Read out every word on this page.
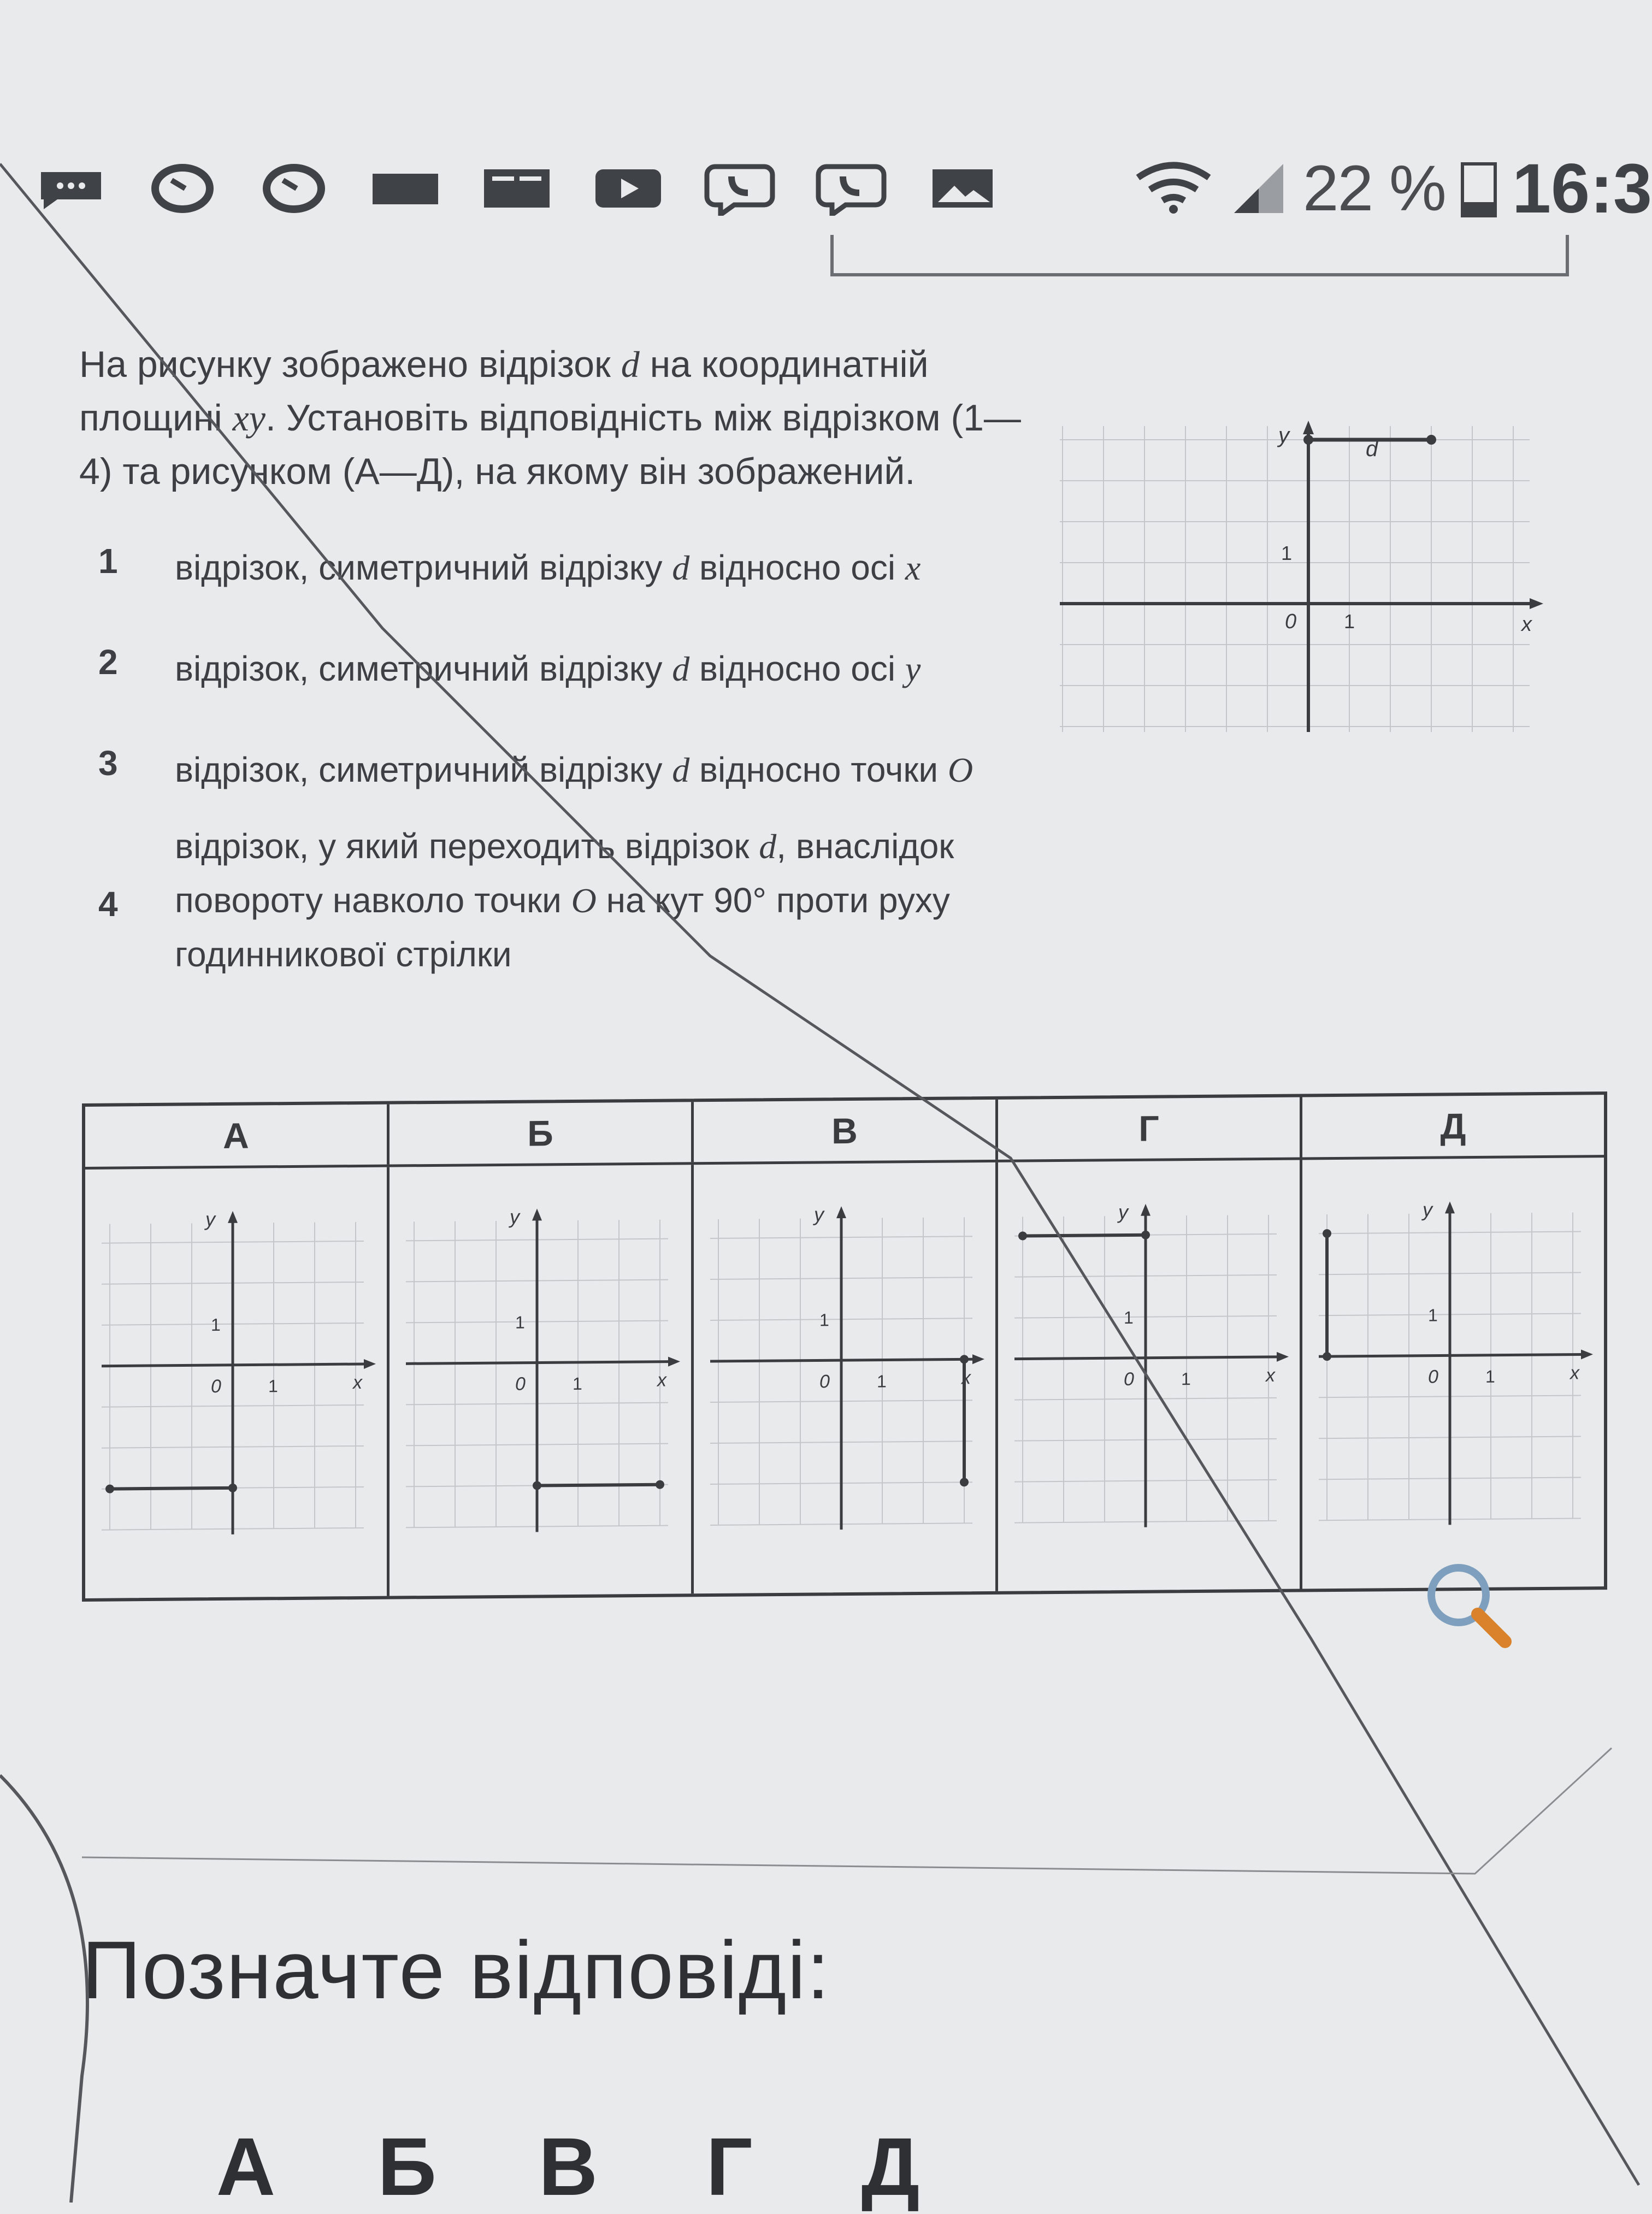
22 % 16:3
На рисунку зображено відрізок d на координатній площині xy. Установіть відповідність між відрізком (1—4) та рисунком (А—Д), на якому він зображений.
1	відрізок, симетричний відрізку d відносно осі x
2	відрізок, симетричний відрізку d відносно осі y
3	відрізок, симетричний відрізку d відносно точки O
4
відрізок, у який переходить відрізок d, внаслідок повороту навколо точки O на кут 90° проти руху годинникової стрілки
y
x
0 1
1
d
А	Б	В	Г	Д
y
x
0	1
1
y
x
0	1
1
y
x
0	1
1
y
x
0	1
1
y
x
0	1
1
Позначте відповіді:
А Б В Г Д
